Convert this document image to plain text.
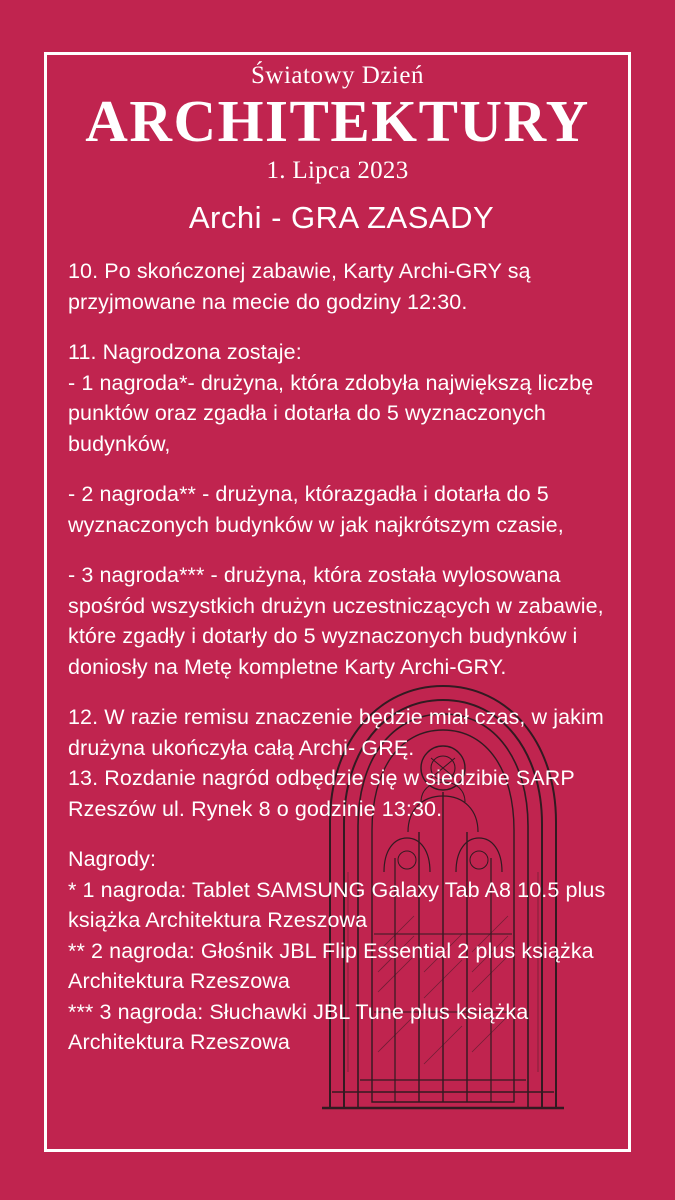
Światowy Dzień

ARCHITEKTURY

1. Lipca 2023

Archi - GRA ZASADY

10. Po skończonej zabawie, Karty Archi-GRY są przyjmowane na mecie do godziny 12:30.

11. Nagrodzona zostaje:

- 1 nagroda*- drużyna, która zdobyła największą liczbę punktów oraz zgadła i dotarła do 5 wyznaczonych budynków,

- 2 nagroda** - drużyna, którazgadła i dotarła do 5 wyznaczonych budynków w jak najkrótszym czasie,

- 3 nagroda*** - drużyna, która została wylosowana spośród wszystkich drużyn uczestniczących w zabawie, które zgadły i dotarły do 5 wyznaczonych budynków i doniosły na Metę kompletne Karty Archi-GRY.

12. W razie remisu znaczenie będzie miał czas, w jakim drużyna ukończyła całą Archi- GRĘ.

13. Rozdanie nagród odbędzie się w siedzibie SARP Rzeszów ul. Rynek 8 o godzinie 13:30.

Nagrody:

* 1 nagroda: Tablet SAMSUNG Galaxy Tab A8 10.5 plus książka Architektura Rzeszowa

** 2 nagroda: Głośnik JBL Flip Essential 2 plus książka Architektura Rzeszowa

*** 3 nagroda: Słuchawki JBL Tune plus książka Architektura Rzeszowa
